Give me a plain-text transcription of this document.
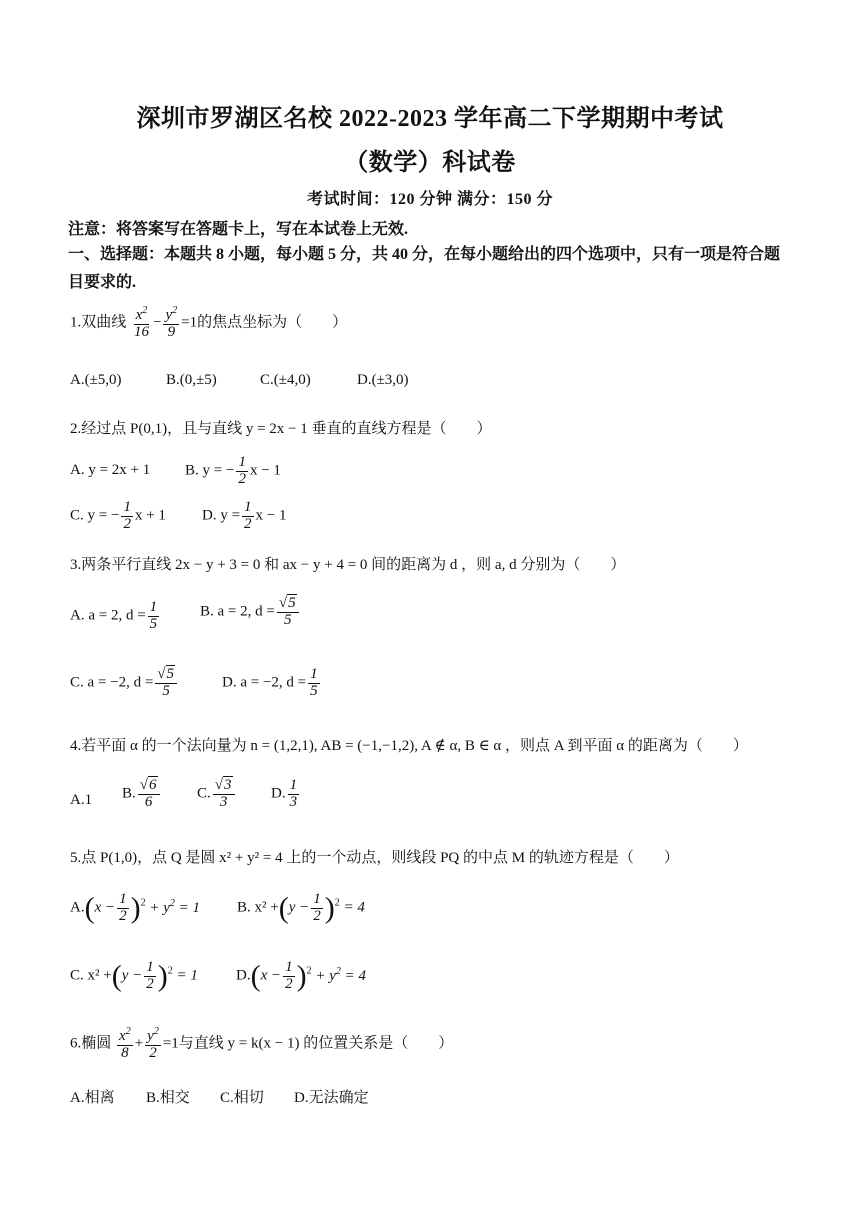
深圳市罗湖区名校 2022-2023 学年高二下学期期中考试
（数学）科试卷
考试时间：120 分钟 满分：150 分
注意：将答案写在答题卡上，写在本试卷上无效.
一、选择题：本题共 8 小题，每小题 5 分，共 40 分，在每小题给出的四个选项中，只有一项是符合题目要求的.
1.双曲线 $\frac{x^2}{16} - \frac{y^2}{9} =1$的焦点坐标为（　　）
A.(±5,0)	B.(0,±5)	C.(±4,0)	D.(±3,0)
2.经过点 P(0,1)，且与直线 y = 2x − 1 垂直的直线方程是（　　）
A. y = 2x + 1 B. y = − $\frac{1}{2}$ x − 1
C. y = − $\frac{1}{2}$ x + 1 D. $y = \frac{1}{2}$ x − 1
3.两条平行直线 2x − y + 3 = 0 和 ax − y + 4 = 0 间的距离为 d ，则 a, d 分别为（　　）
A. a = 2, $d = \frac{1}{5}$	B. a = 2, $d = \frac{√5}{5}$
C. a = −2, $d = \frac{√5}{5}$	D. a = −2, $d = \frac{1}{5}$
4.若平面 α 的一个法向量为 n = (1,2,1), AB = (−1,−1,2), A ∉ α, B ∈ α ，则点 A 到平面 α 的距离为（　　）
A.1 B. $\frac{√6}{6}$	C. $\frac{√3}{3} D$. $\frac{1}{3}$
5.点 P(1,0)，点 Q 是圆 x² + y² = 4 上的一个动点，则线段 PQ 的中点 M 的轨迹方程是（　　）
$A.(x - \frac{1}{2} )^2 + y^2 = 1$ B. $x^2 +(y - \frac{1}{2} )^2 = 4$
C. $x^2 +(y - \frac{1}{2} )^2 = 1$	$D.(x - \frac{1}{2} )^2 + y^2 = 4$
6.椭圆 $\frac{x^2}{8} + \frac{y^2}{2} =1$与直线 y = k(x − 1) 的位置关系是（　　）
A.相离 B.相交 C.相切 D.无法确定
